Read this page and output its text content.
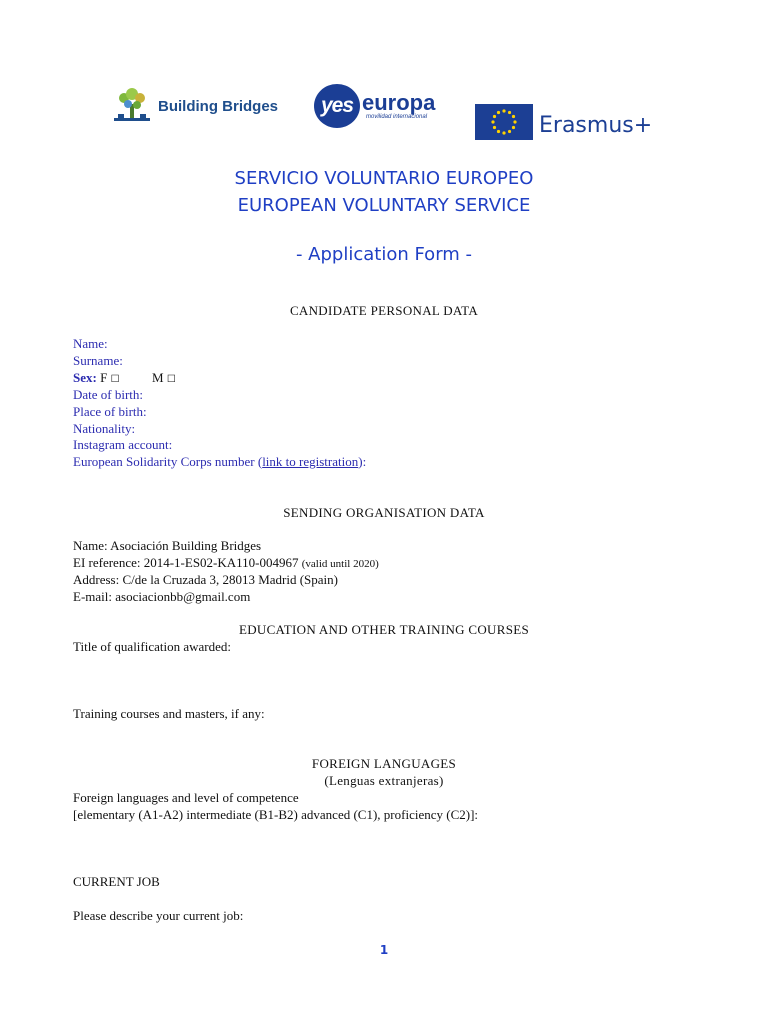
Building Bridges	yes europa
movilidad internacional	Erasmus+
SERVICIO VOLUNTARIO EUROPEO
EUROPEAN VOLUNTARY SERVICE
- Application Form -
CANDIDATE PERSONAL DATA
Name:
Surname:
Sex: F ☐	M ☐
Date of birth:
Place of birth:
Nationality:
Instagram account:
European Solidarity Corps number (link to registration):
SENDING ORGANISATION DATA
Name: Asociación Building Bridges
EI reference: 2014-1-ES02-KA110-004967 (valid until 2020)
Address: C/de la Cruzada 3, 28013 Madrid (Spain)
E-mail: asociacionbb@gmail.com
EDUCATION AND OTHER TRAINING COURSES
Title of qualification awarded:
Training courses and masters, if any:
FOREIGN LANGUAGES
(Lenguas extranjeras)
Foreign languages and level of competence
[elementary (A1-A2) intermediate (B1-B2) advanced (C1), proficiency (C2)]:
CURRENT JOB
Please describe your current job:
1
